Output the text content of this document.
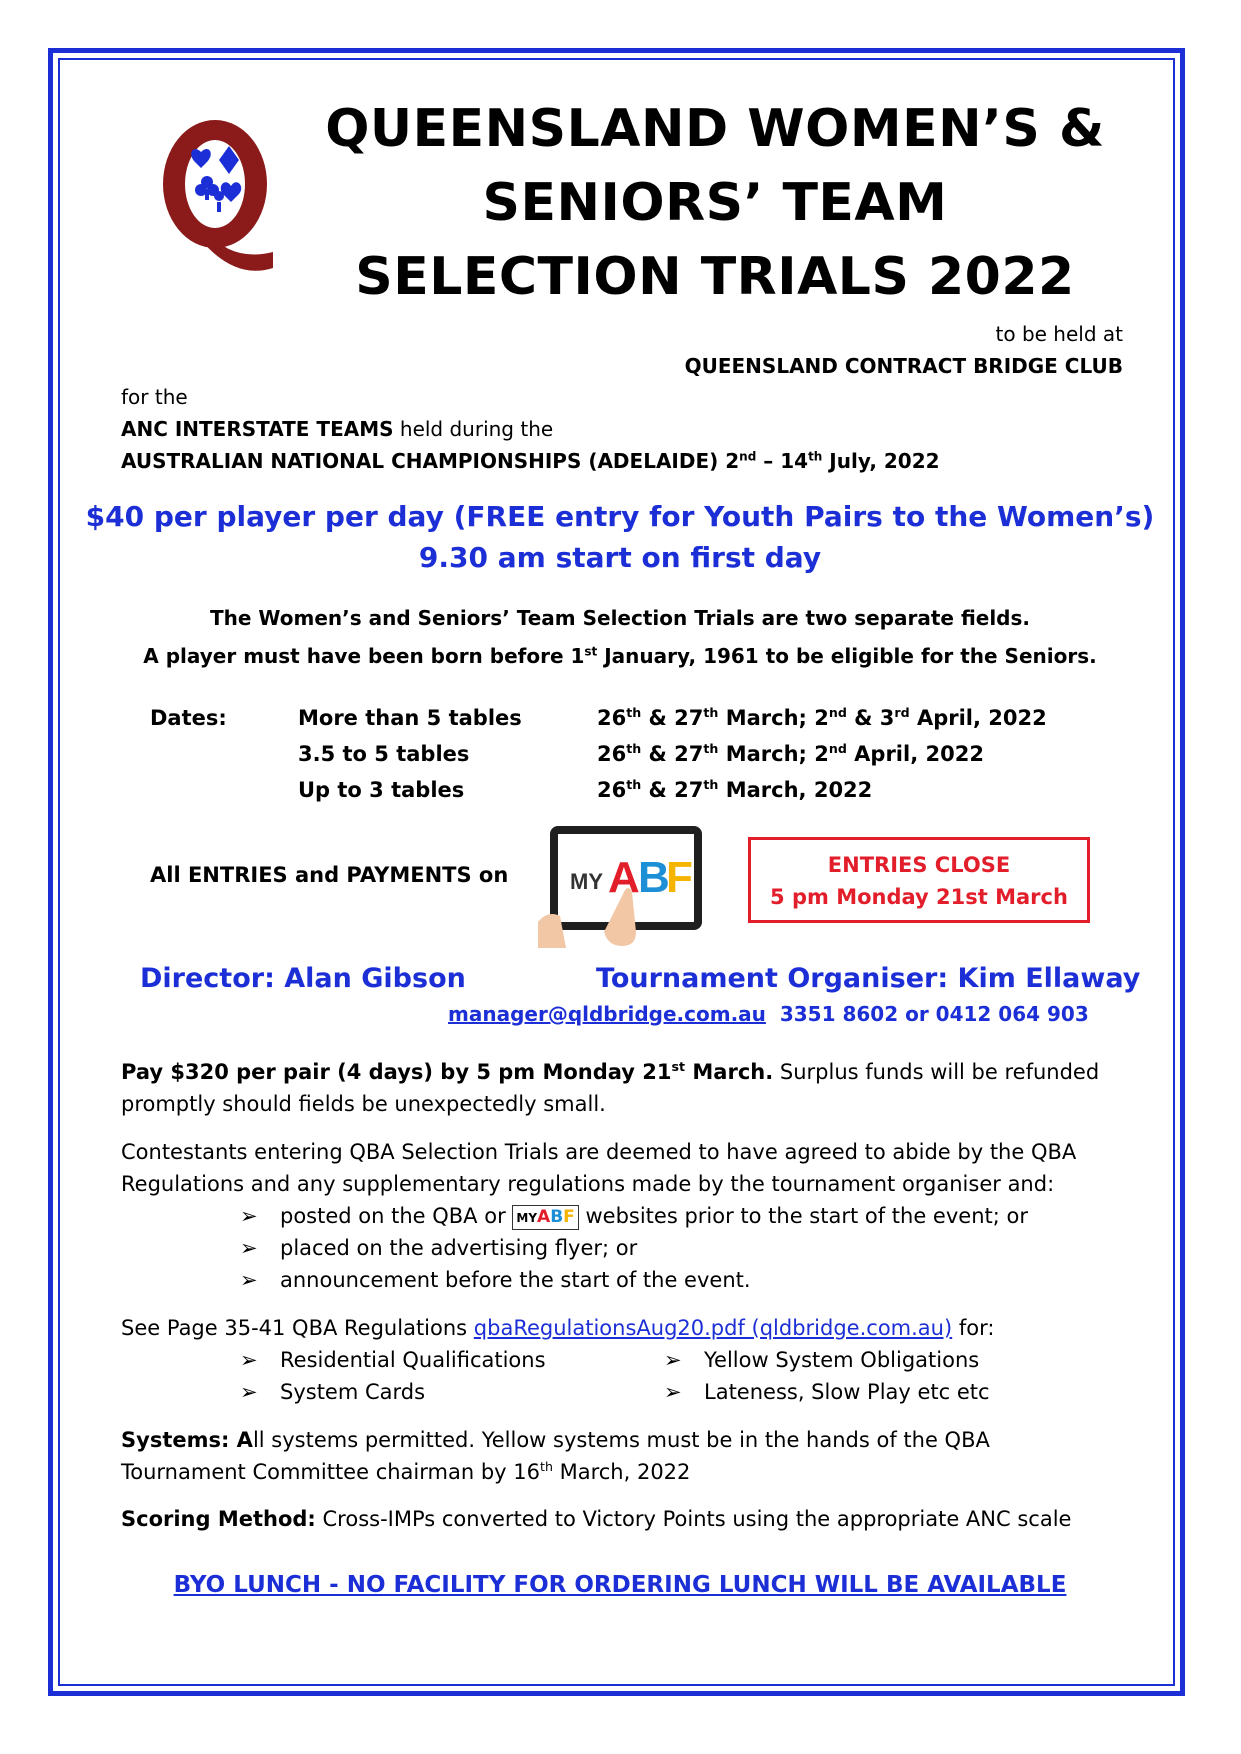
QUEENSLAND WOMEN’S &
SENIORS’ TEAM
SELECTION TRIALS 2022
to be held at
QUEENSLAND CONTRACT BRIDGE CLUB
for the
ANC INTERSTATE TEAMS held during the
AUSTRALIAN NATIONAL CHAMPIONSHIPS (ADELAIDE) 2nd – 14th July, 2022
$40 per player per day (FREE entry for Youth Pairs to the Women’s)
9.30 am start on first day
The Women’s and Seniors’ Team Selection Trials are two separate fields.
A player must have been born before 1st January, 1961 to be eligible for the Seniors.
Dates:	More than 5 tables	26th & 27th March; 2nd & 3rd April, 2022
3.5 to 5 tables	26th & 27th March; 2nd April, 2022
Up to 3 tables	26th & 27th March, 2022
All ENTRIES and PAYMENTS on	MY A
B
F	ENTRIES CLOSE
5 pm Monday 21st March
Director: Alan Gibson	Tournament Organiser: Kim Ellaway
manager@qldbridge.com.au 3351 8602 or 0412 064 903
Pay $320 per pair (4 days) by 5 pm Monday 21st March. Surplus funds will be refunded promptly should fields be unexpectedly small.
Contestants entering QBA Selection Trials are deemed to have agreed to abide by the QBA Regulations and any supplementary regulations made by the tournament organiser and:
➢ posted on the QBA or MYABF websites prior to the start of the event; or
➢ placed on the advertising flyer; or
➢ announcement before the start of the event.
See Page 35-41 QBA Regulations qbaRegulationsAug20.pdf (qldbridge.com.au) for:
➢ Residential Qualifications	➢ Yellow System Obligations
➢ System Cards	➢ Lateness, Slow Play etc etc
Systems: All systems permitted. Yellow systems must be in the hands of the QBA Tournament Committee chairman by 16th March, 2022
Scoring Method: Cross-IMPs converted to Victory Points using the appropriate ANC scale
BYO LUNCH - NO FACILITY FOR ORDERING LUNCH WILL BE AVAILABLE
